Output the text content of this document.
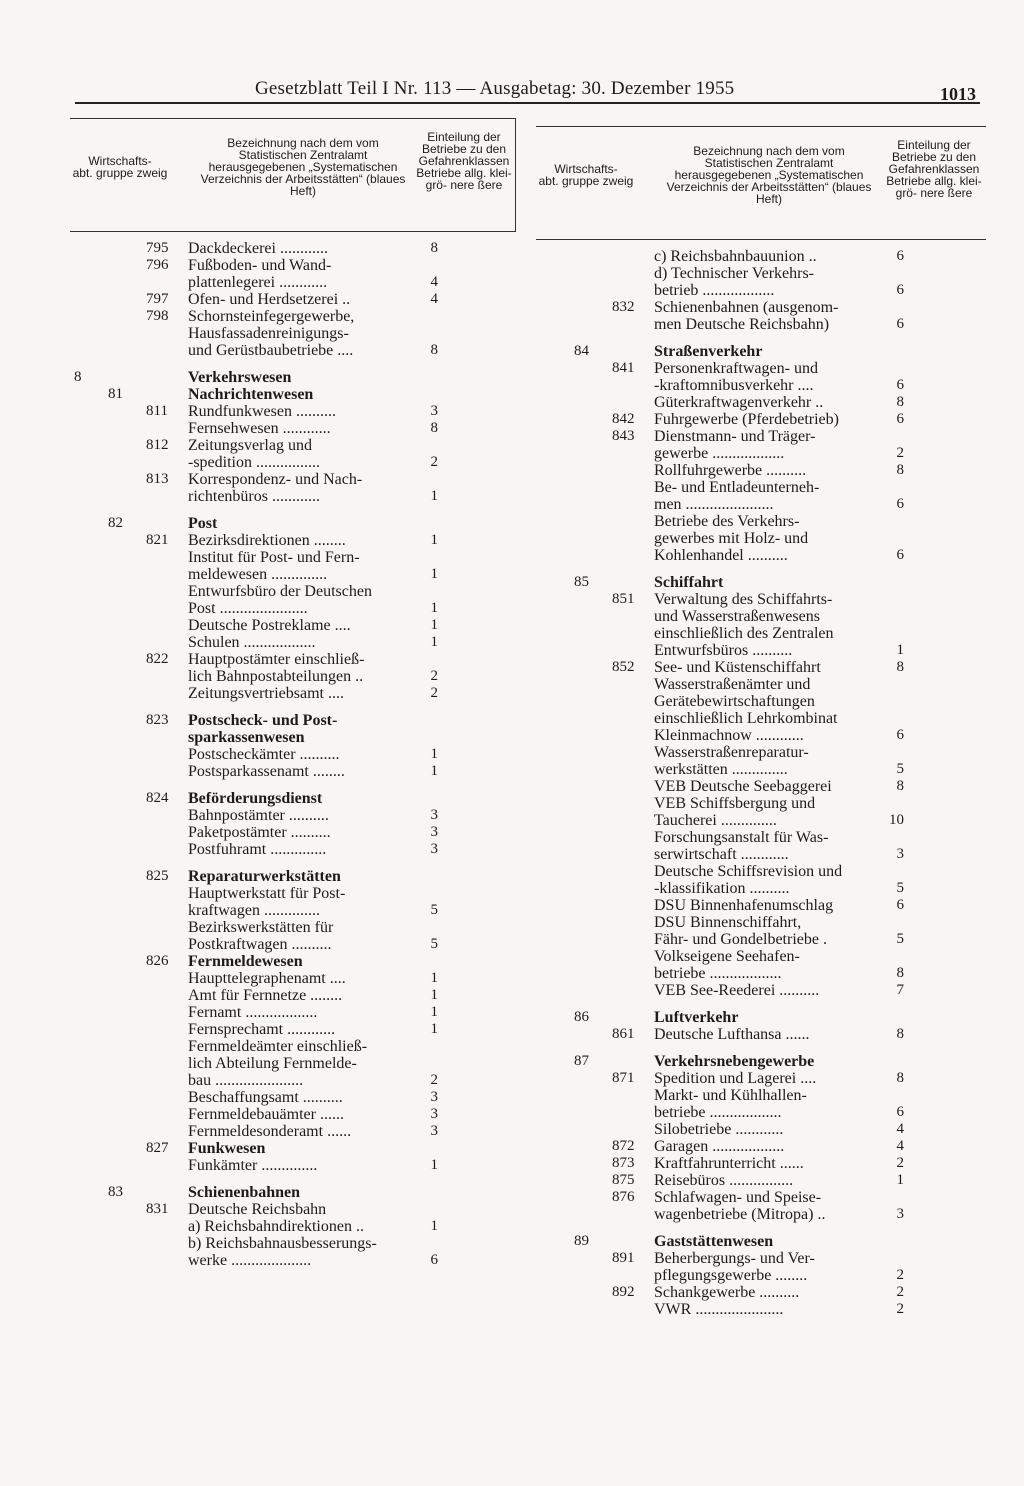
Gesetzblatt Teil I Nr. 113 — Ausgabetag: 30. Dezember 1955	1013
Wirtschafts-
abt. gruppe zweig
Bezeichnung nach dem vom Statistischen Zentralamt herausgegebenen „Systematischen Verzeichnis der Arbeitsstätten“ (blaues Heft)
Einteilung der Betriebe zu den Gefahrenklassen Betriebe allg. klei- grö- nere ßere
795 Dackdeckerei ............	8
796 Fußboden- und Wand-
plattenlegerei ............	4
797 Ofen- und Herdsetzerei ..	4
798 Schornsteinfegergewerbe,
Hausfassadenreinigungs-
und Gerüstbaubetriebe ....	8
8	Verkehrswesen
81	Nachrichtenwesen
811 Rundfunkwesen ..........	3
Fernsehwesen ............	8
812 Zeitungsverlag und
-spedition ................	2
813 Korrespondenz- und Nach-
richtenbüros ............	1
82	Post
821 Bezirksdirektionen ........	1
Institut für Post- und Fern-
meldewesen ..............	1
Entwurfsbüro der Deutschen
Post ......................	1
Deutsche Postreklame ....	1
Schulen ..................	1
822 Hauptpostämter einschließ-
lich Bahnpostabteilungen ..	2
Zeitungsvertriebsamt ....	2
823 Postscheck- und Post-
sparkassenwesen
Postscheckämter ..........	1
Postsparkassenamt ........	1
824 Beförderungsdienst
Bahnpostämter ..........	3
Paketpostämter ..........	3
Postfuhramt ..............	3
825 Reparaturwerkstätten
Hauptwerkstatt für Post-
kraftwagen ..............	5
Bezirkswerkstätten für
Postkraftwagen ..........	5
826 Fernmeldewesen
Haupttelegraphenamt ....	1
Amt für Fernnetze ........	1
Fernamt ..................	1
Fernsprechamt ............	1
Fernmeldeämter einschließ-
lich Abteilung Fernmelde-
bau ......................	2
Beschaffungsamt ..........	3
Fernmeldebauämter ......	3
Fernmeldesonderamt ......	3
827 Funkwesen
Funkämter ..............	1
83	Schienenbahnen
831 Deutsche Reichsbahn
a) Reichsbahndirektionen ..	1
b) Reichsbahnausbesserungs-
werke ....................	6
Wirtschafts-
abt. gruppe zweig
Bezeichnung nach dem vom Statistischen Zentralamt herausgegebenen „Systematischen Verzeichnis der Arbeitsstätten“ (blaues Heft)
Einteilung der Betriebe zu den Gefahrenklassen Betriebe allg. klei- grö- nere ßere
c) Reichsbahnbauunion ..	6
d) Technischer Verkehrs-
betrieb ..................	6
832 Schienenbahnen (ausgenom-
men Deutsche Reichsbahn)	6
84	Straßenverkehr
841 Personenkraftwagen- und
-kraftomnibusverkehr ....	6
Güterkraftwagenverkehr ..	8
842 Fuhrgewerbe (Pferdebetrieb)	6
843 Dienstmann- und Träger-
gewerbe ..................	2
Rollfuhrgewerbe ..........	8
Be- und Entladeunterneh-
men ......................	6
Betriebe des Verkehrs-
gewerbes mit Holz- und
Kohlenhandel ..........	6
85	Schiffahrt
851 Verwaltung des Schiffahrts-
und Wasserstraßenwesens
einschließlich des Zentralen
Entwurfsbüros ..........	1
852 See- und Küstenschiffahrt	8
Wasserstraßenämter und
Gerätebewirtschaftungen
einschließlich Lehrkombinat
Kleinmachnow ............	6
Wasserstraßenreparatur-
werkstätten ..............	5
VEB Deutsche Seebaggerei	8
VEB Schiffsbergung und
Taucherei ..............	10
Forschungsanstalt für Was-
serwirtschaft ............	3
Deutsche Schiffsrevision und
-klassifikation ..........	5
DSU Binnenhafenumschlag	6
DSU Binnenschiffahrt,
Fähr- und Gondelbetriebe .	5
Volkseigene Seehafen-
betriebe ..................	8
VEB See-Reederei ..........	7
86	Luftverkehr
861 Deutsche Lufthansa ......	8
87	Verkehrsnebengewerbe
871 Spedition und Lagerei ....	8
Markt- und Kühlhallen-
betriebe ..................	6
Silobetriebe ............	4
872 Garagen ..................	4
873 Kraftfahrunterricht ......	2
875 Reisebüros ................	1
876 Schlafwagen- und Speise-
wagenbetriebe (Mitropa) ..	3
89	Gaststättenwesen
891 Beherbergungs- und Ver-
pflegungsgewerbe ........	2
892 Schankgewerbe ..........	2
VWR ......................	2
